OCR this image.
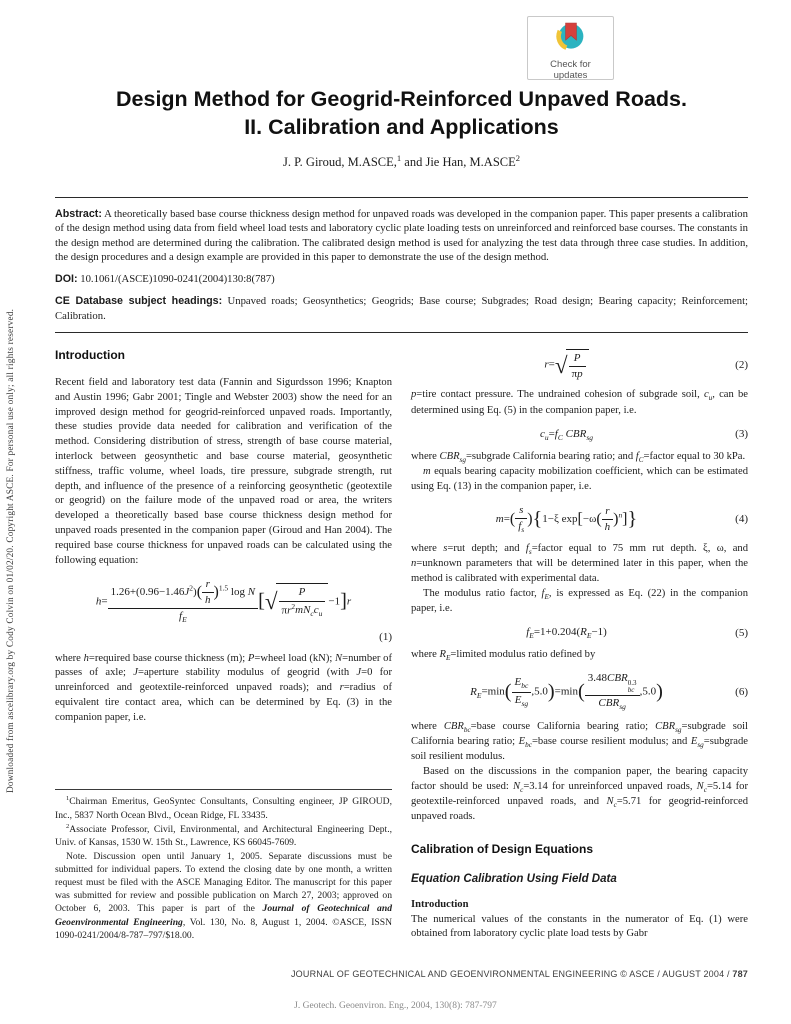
Downloaded from ascelibrary.org by Cody Colvin on 01/02/20. Copyright ASCE. For personal use only; all rights reserved.
Check for
updates
Design Method for Geogrid-Reinforced Unpaved Roads.
II. Calibration and Applications
J. P. Giroud, M.ASCE,$^1$ and Jie Han, M.ASCE$^2$

Abstract: A theoretically based base course thickness design method for unpaved roads was developed in the companion paper. This paper presents a calibration of the design method using data from field wheel load tests and laboratory cyclic plate loading tests on unreinforced and reinforced base courses. The constants in the design method are determined during the calibration. The calibrated design method is used for analyzing the test data through three case studies. In addition, the design procedures and a design example are provided in this paper to demonstrate the use of the design method.

DOI: 10.1061/(ASCE)1090-0241(2004)130:8(787)

CE Database subject headings: Unpaved roads; Geosynthetics; Geogrids; Base course; Subgrades; Road design; Bearing capacity; Reinforcement; Calibration.

Introduction

Recent field and laboratory test data (Fannin and Sigurdsson 1996; Knapton and Austin 1996; Gabr 2001; Tingle and Webster 2003) show the need for an improved design method for geogrid-reinforced unpaved roads. Importantly, these studies provide data needed for calibration and verification of the method. Considering distribution of stress, strength of base course material, interlock between geosynthetic and base course material, geosynthetic stiffness, traffic volume, wheel loads, tire pressure, subgrade strength, rut depth, and influence of the presence of a reinforcing geosynthetic (geotextile or geogrid) on the failure mode of the unpaved road or area, the writers developed a theoretically based base course thickness design method for unpaved roads presented in the companion paper (Giroud and Han 2004). The required base course thickness for unpaved roads can be calculated using the following equation:

$h= \frac{1.26+(0.96-1.46J^2)( \frac{r}{h} )^{1.5} \log N}{f_E}$ [ √ $\frac{P}{\pi r^2mN_cc_u} -1]r$
(1)

where h=required base course thickness (m); P=wheel load (kN); N=number of passes of axle; J=aperture stability modulus of geogrid (with J=0 for unreinforced and geotextile-reinforced unpaved roads); and r=radius of equivalent tire contact area, which can be determined by Eq. (3) in the companion paper, i.e.

$^1$Chairman Emeritus, GeoSyntec Consultants, Consulting engineer, JP GIROUD, Inc., 5837 North Ocean Blvd., Ocean Ridge, FL 33435.

$^2$Associate Professor, Civil, Environmental, and Architectural Engineering Dept., Univ. of Kansas, 1530 W. 15th St., Lawrence, KS 66045-7609.

Note. Discussion open until January 1, 2005. Separate discussions must be submitted for individual papers. To extend the closing date by one month, a written request must be filed with the ASCE Managing Editor. The manuscript for this paper was submitted for review and possible publication on March 27, 2003; approved on October 6, 2003. This paper is part of the Journal of Geotechnical and Geoenvironmental Engineering, Vol. 130, No. 8, August 1, 2004. ©ASCE, ISSN 1090-0241/2004/8-787–797/$18.00.

r= √ $\frac{P}{\pi p}$	(2)

p=tire contact pressure. The undrained cohesion of subgrade soil, $c_u$, can be determined using Eq. (5) in the companion paper, i.e.

$c_u=f_C$ $CBR_{sg}$	(3)

where $CBR_{sg}=subgrade$ California bearing ratio; and $f_C=factor$ equal to 30 kPa.

m equals bearing capacity mobilization coefficient, which can be estimated using Eq. (13) in the companion paper, i.e.

$m=( \frac{s}{f_s} )\{1-\xi$ $\exp[-\omega( \frac{r}{h} )^n]$}	(4)

where s=rut depth; and $f_s=factor$ equal to 75 mm rut depth. ξ, ω, and n=unknown parameters that will be determined later in this paper, when the method is calibrated with experimental data.

The modulus ratio factor, $f_E$, is expressed as Eq. (22) in the companion paper, i.e.

$f_E=1+0.204(R_E-1)$	(5)

where $R_E=limited$ modulus ratio defined by

$R_E=\min( \frac{E_{bc}}{E_{sg}} ,5.0)=\min$( 3.48CBR 0.3
bc
$CBR_{sg}$ ,5.0)	(6)

where $CBR_{bc}=base$ course California bearing ratio; $CBR_{sg}=subgrade$ soil California bearing ratio; $E_{bc}=base$ course resilient modulus; and $E_{sg}=subgrade$ soil resilient modulus.

Based on the discussions in the companion paper, the bearing capacity factor should be used: $N_c=3.14$ for unreinforced unpaved roads, $N_c=5.14$ for geotextile-reinforced unpaved roads, and $N_c=5.71$ for geogrid-reinforced unpaved roads.

Calibration of Design Equations
Equation Calibration Using Field Data
Introduction

The numerical values of the constants in the numerator of Eq. (1) were obtained from laboratory cyclic plate load tests by Gabr

JOURNAL OF GEOTECHNICAL AND GEOENVIRONMENTAL ENGINEERING © ASCE / AUGUST 2004 / 787
J. Geotech. Geoenviron. Eng., 2004, 130(8): 787-797
